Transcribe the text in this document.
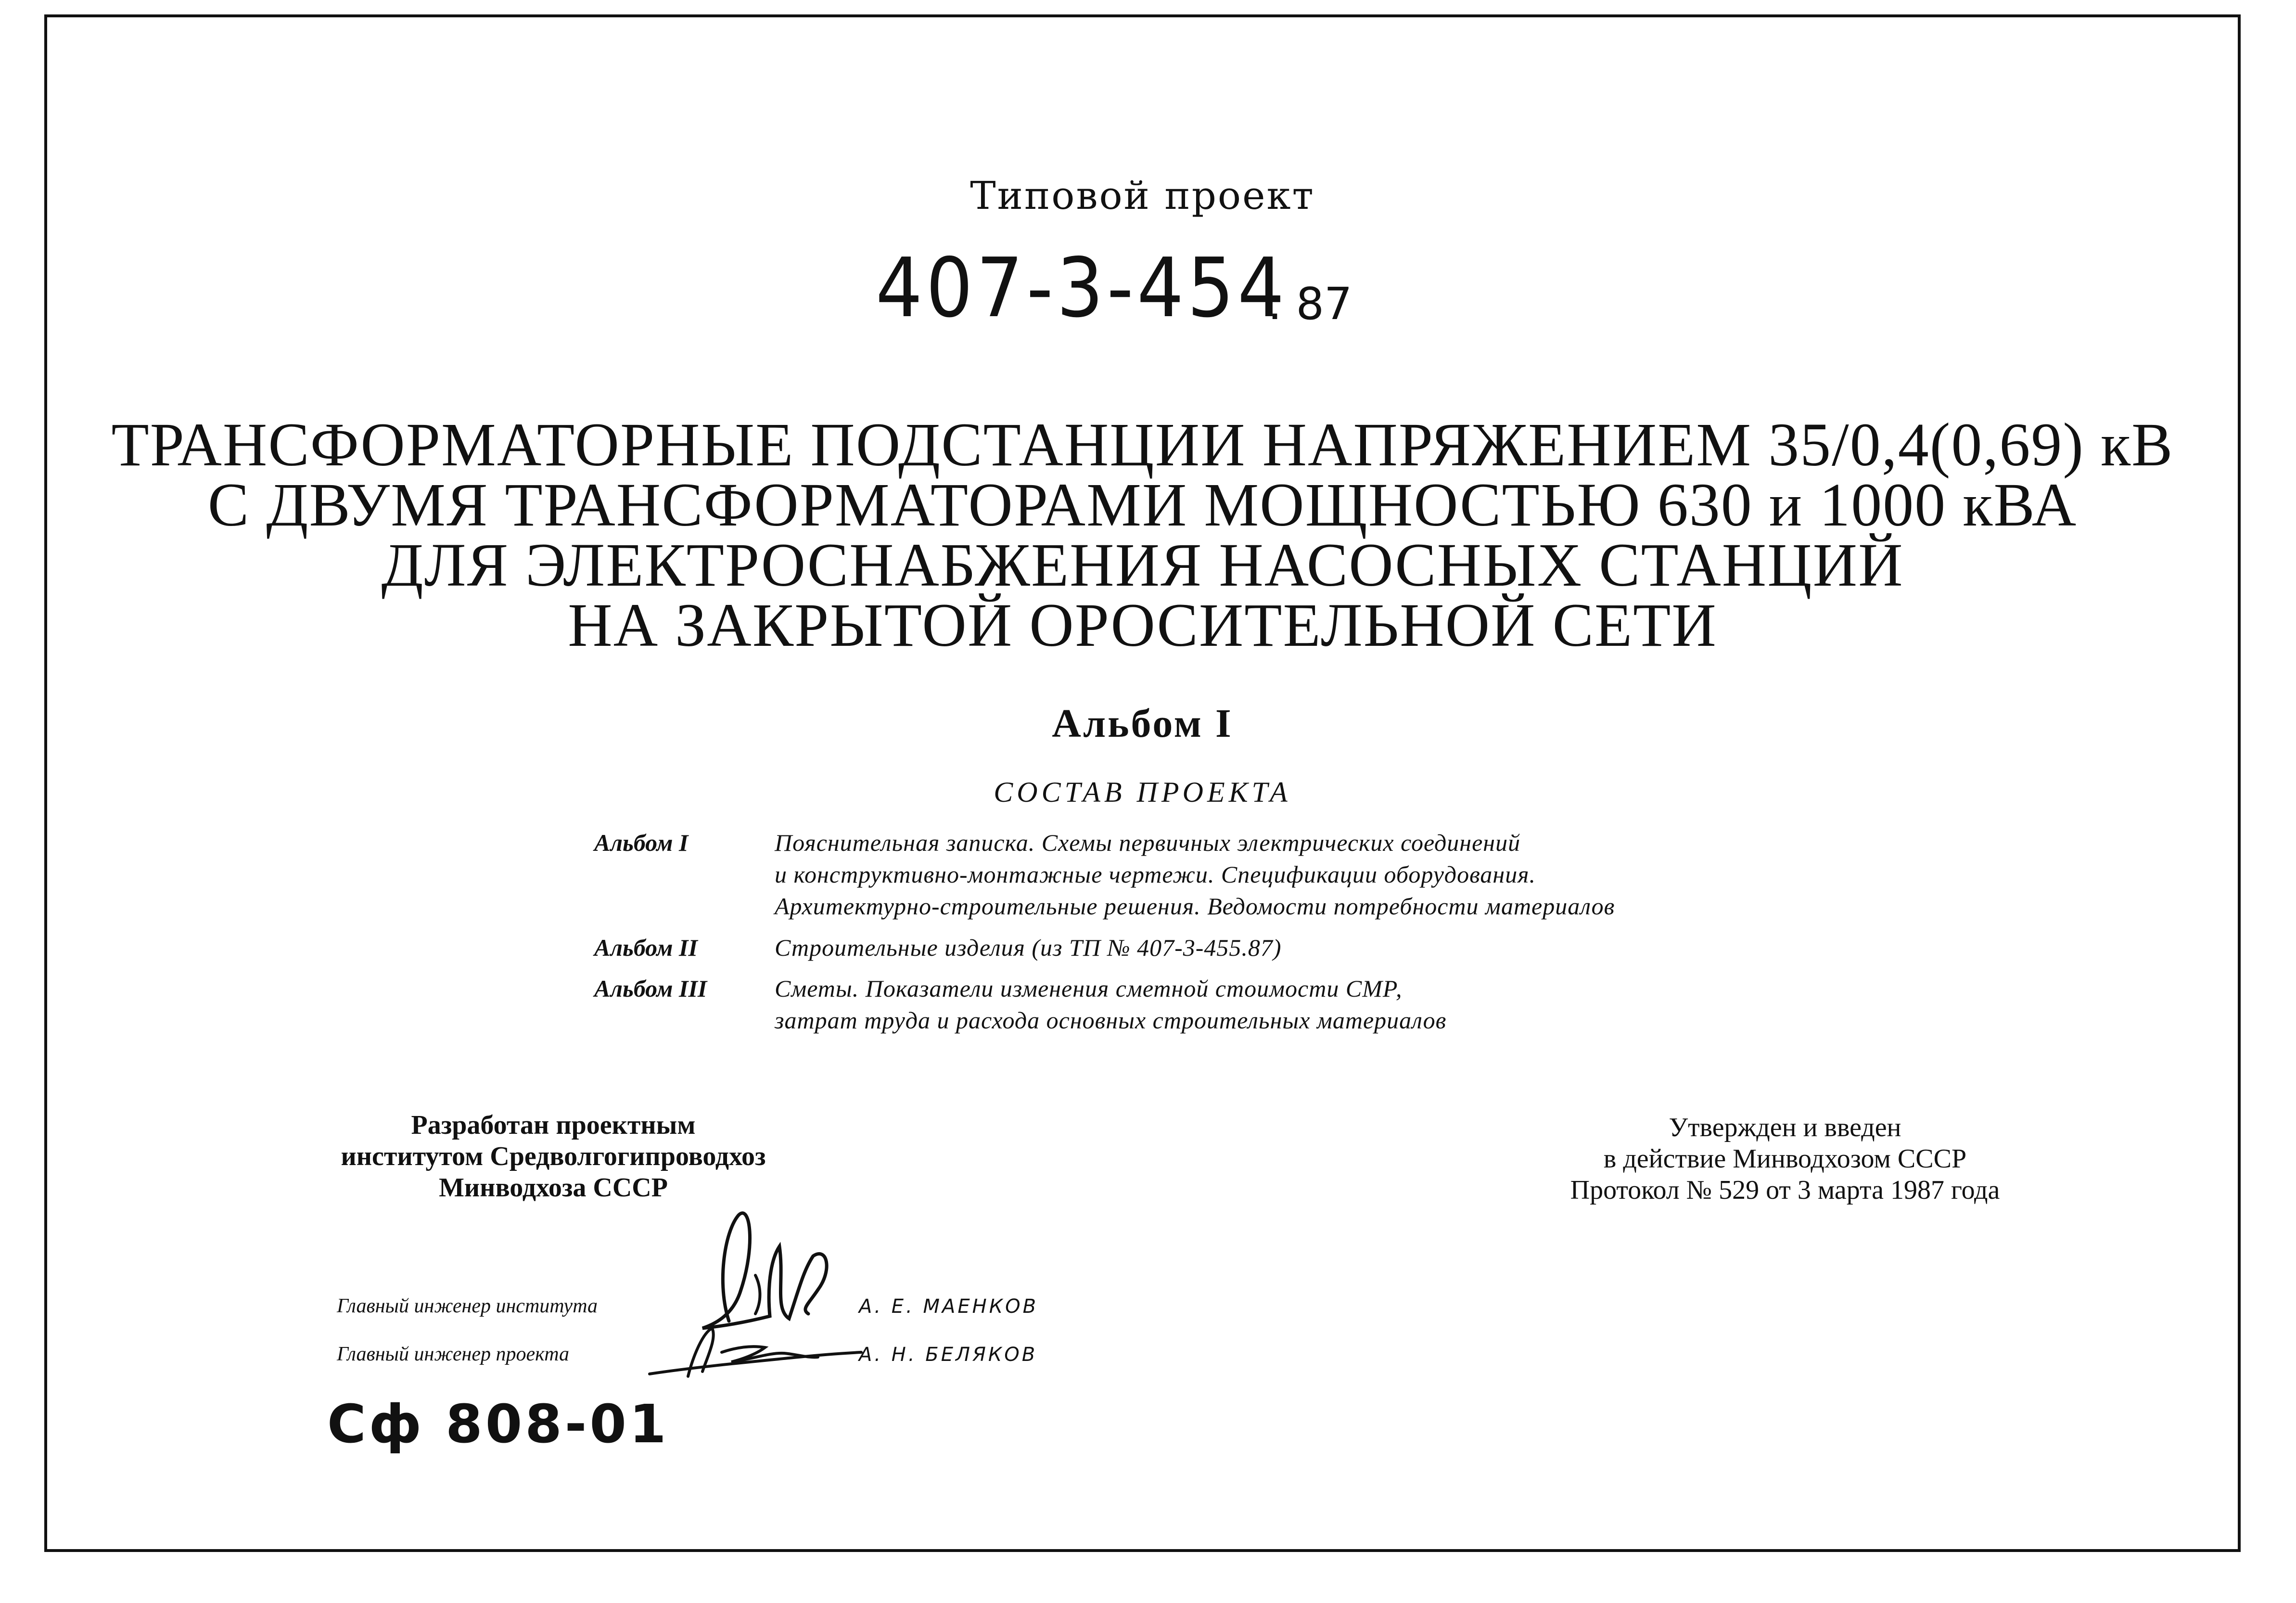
Типовой проект
407-3-454
. 87
ТРАНСФОРМАТОРНЫЕ ПОДСТАНЦИИ НАПРЯЖЕНИЕМ 35/0,4(0,69) кВ
С ДВУМЯ ТРАНСФОРМАТОРАМИ МОЩНОСТЬЮ 630 и 1000 кВА
ДЛЯ ЭЛЕКТРОСНАБЖЕНИЯ НАСОСНЫХ СТАНЦИЙ
НА ЗАКРЫТОЙ ОРОСИТЕЛЬНОЙ СЕТИ
Альбом I
СОСТАВ ПРОЕКТА
Альбом I	Пояснительная записка. Схемы первичных электрических соединений
и конструктивно-монтажные чертежи. Спецификации оборудования.
Архитектурно-строительные решения. Ведомости потребности материалов
Альбом II	Строительные изделия (из ТП № 407-3-455.87)
Альбом III	Сметы. Показатели изменения сметной стоимости СМР,
затрат труда и расхода основных строительных материалов
Разработан проектным
институтом Средволгогипроводхоз
Минводхоза СССР
Утвержден и введен
в действие Минводхозом СССР
Протокол № 529 от 3 марта 1987 года
Главный инженер института	А. Е. МАЕНКОВ
Главный инженер проекта	А. Н. БЕЛЯКОВ
Сф 808-01
